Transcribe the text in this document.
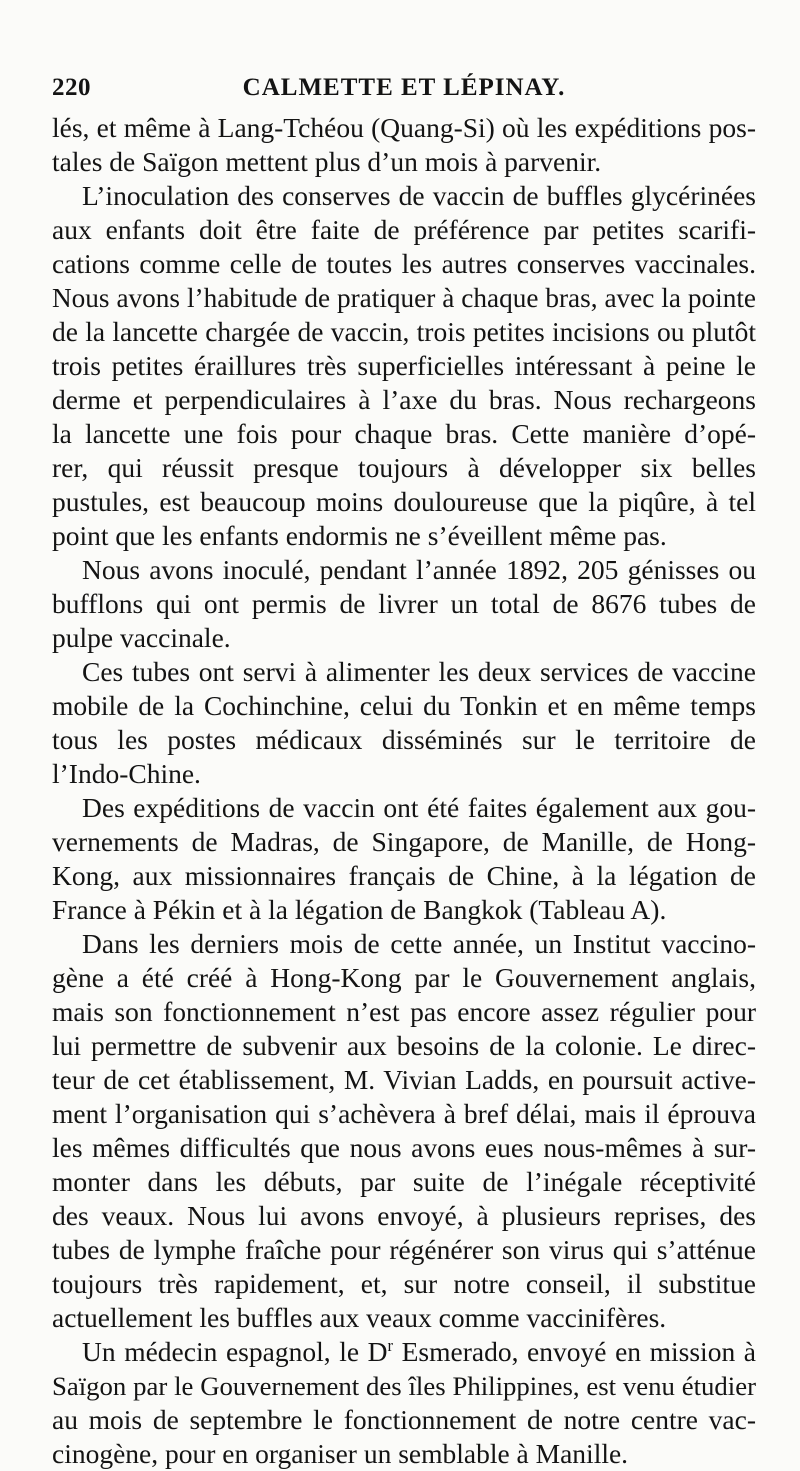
220	CALMETTE ET LÉPINAY.
lés, et même à Lang-Tchéou (Quang-Si) où les expéditions pos-
tales de Saïgon mettent plus d’un mois à parvenir.
L’inoculation des conserves de vaccin de buffles glycérinées
aux enfants doit être faite de préférence par petites scarifi-
cations comme celle de toutes les autres conserves vaccinales.
Nous avons l’habitude de pratiquer à chaque bras, avec la pointe
de la lancette chargée de vaccin, trois petites incisions ou plutôt
trois petites éraillures très superficielles intéressant à peine le
derme et perpendiculaires à l’axe du bras. Nous rechargeons
la lancette une fois pour chaque bras. Cette manière d’opé-
rer, qui réussit presque toujours à développer six belles
pustules, est beaucoup moins douloureuse que la piqûre, à tel
point que les enfants endormis ne s’éveillent même pas.
Nous avons inoculé, pendant l’année 1892, 205 génisses ou
bufflons qui ont permis de livrer un total de 8676 tubes de
pulpe vaccinale.
Ces tubes ont servi à alimenter les deux services de vaccine
mobile de la Cochinchine, celui du Tonkin et en même temps
tous les postes médicaux disséminés sur le territoire de
l’Indo-Chine.
Des expéditions de vaccin ont été faites également aux gou-
vernements de Madras, de Singapore, de Manille, de Hong-
Kong, aux missionnaires français de Chine, à la légation de
France à Pékin et à la légation de Bangkok (Tableau A).
Dans les derniers mois de cette année, un Institut vaccino-
gène a été créé à Hong-Kong par le Gouvernement anglais,
mais son fonctionnement n’est pas encore assez régulier pour
lui permettre de subvenir aux besoins de la colonie. Le direc-
teur de cet établissement, M. Vivian Ladds, en poursuit active-
ment l’organisation qui s’achèvera à bref délai, mais il éprouva
les mêmes difficultés que nous avons eues nous-mêmes à sur-
monter dans les débuts, par suite de l’inégale réceptivité
des veaux. Nous lui avons envoyé, à plusieurs reprises, des
tubes de lymphe fraîche pour régénérer son virus qui s’atténue
toujours très rapidement, et, sur notre conseil, il substitue
actuellement les buffles aux veaux comme vaccinifères.
Un médecin espagnol, le $D^r$ Esmerado, envoyé en mission à
Saïgon par le Gouvernement des îles Philippines, est venu étudier
au mois de septembre le fonctionnement de notre centre vac-
cinogène, pour en organiser un semblable à Manille.
